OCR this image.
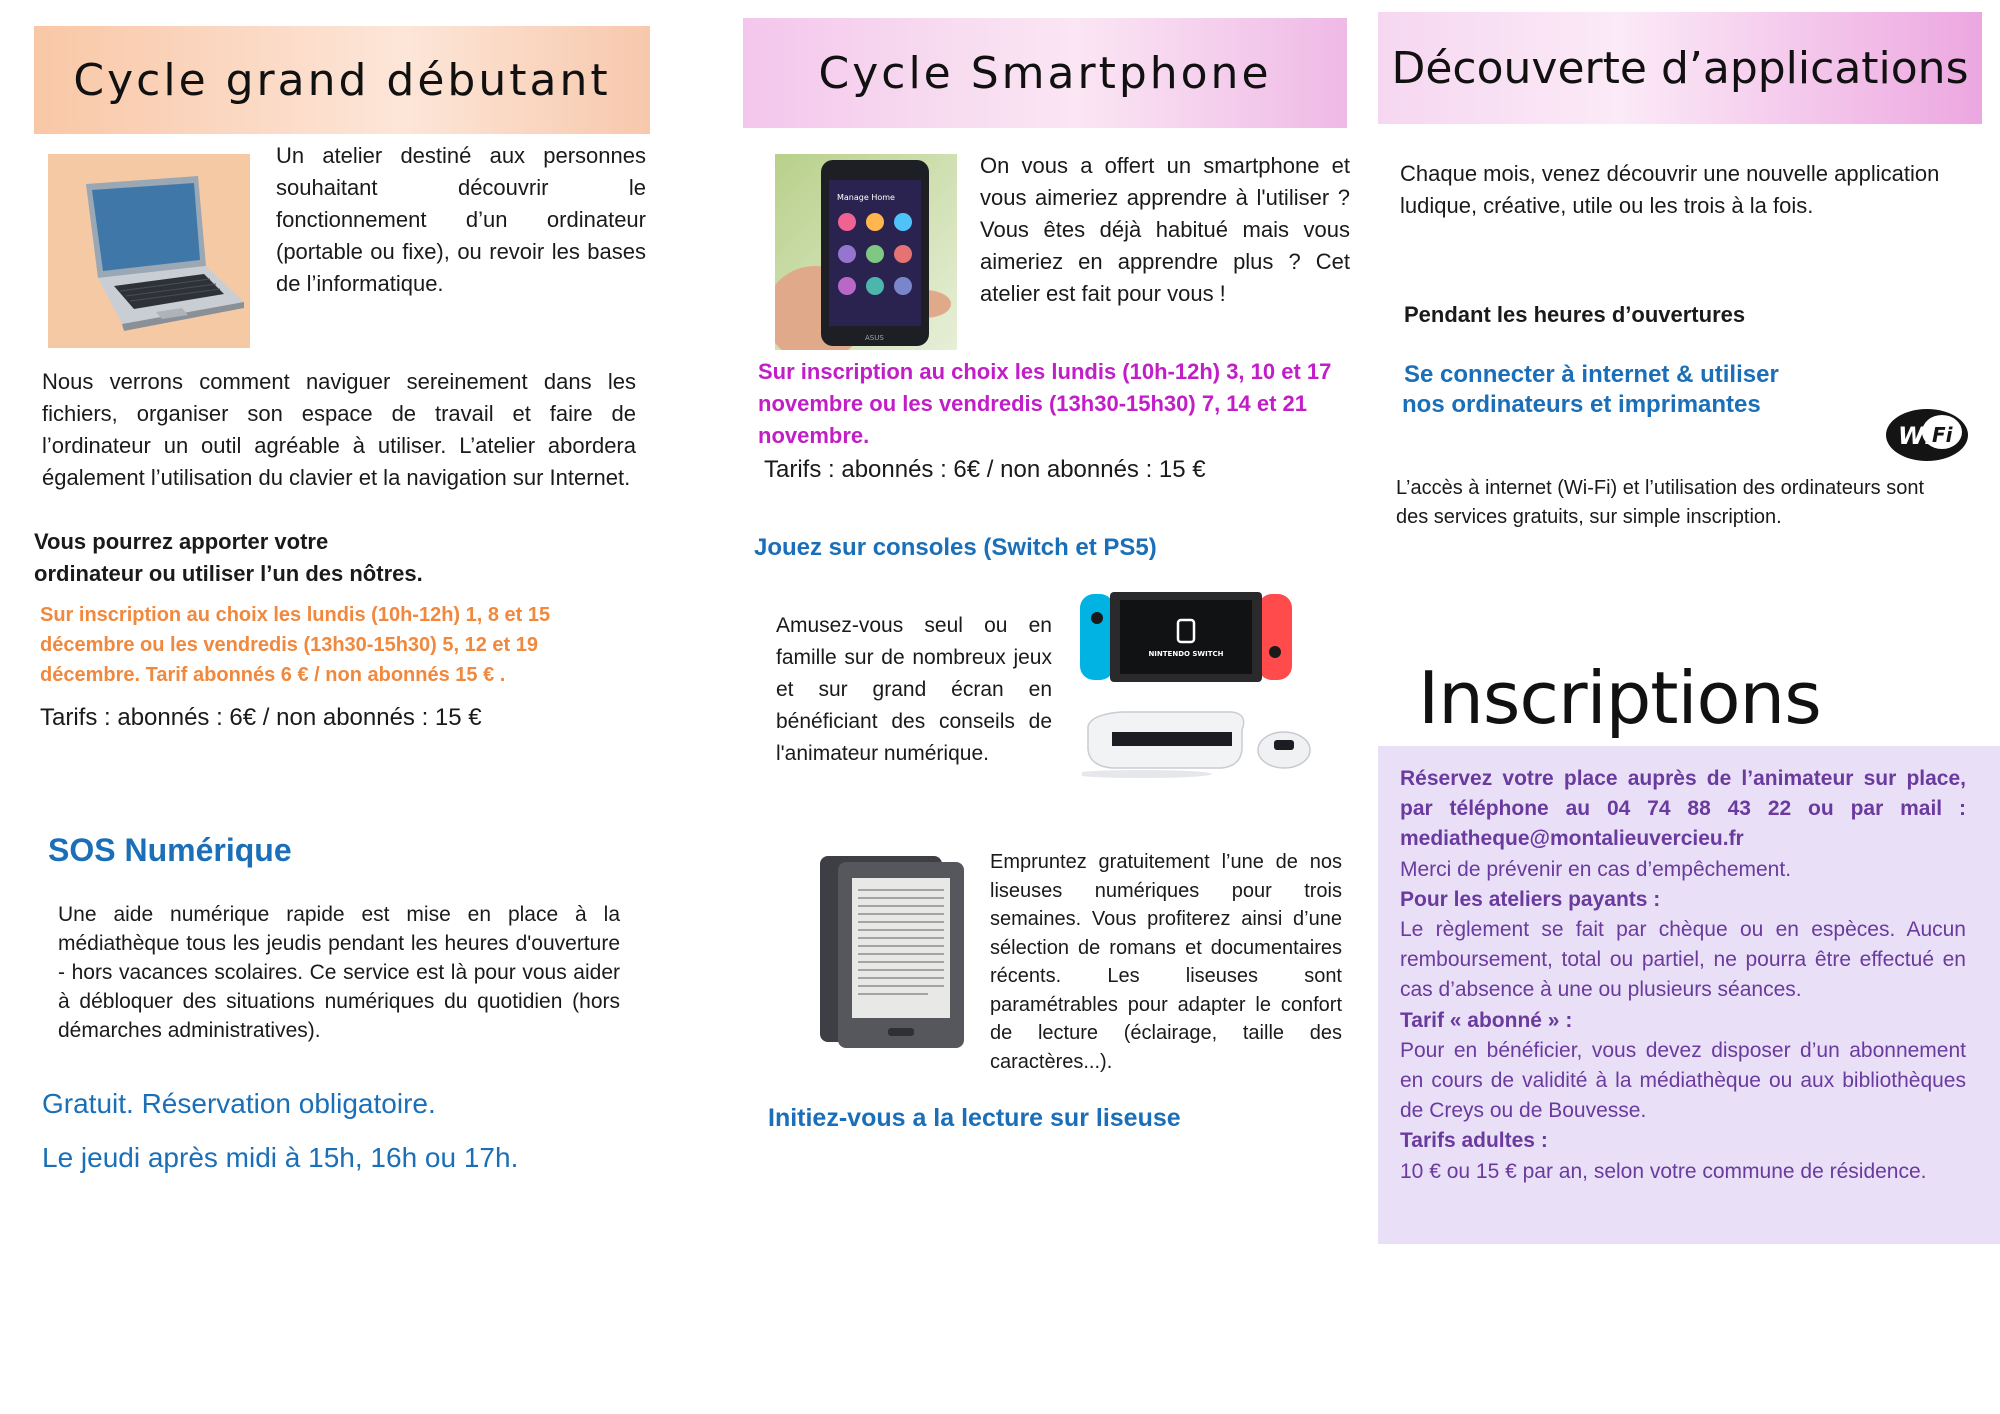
Cycle grand débutant

Un atelier destiné aux personnes souhaitant découvrir le fonctionnement d’un ordinateur (portable ou fixe), ou revoir les bases de l’informatique.

Nous verrons comment naviguer sereinement dans les fichiers, organiser son espace de travail et faire de l’ordinateur un outil agréable à utiliser. L’atelier abordera également l’utilisation du clavier et la navigation sur Internet.

Vous pourrez apporter votre
ordinateur ou utiliser l’un des nôtres.

Sur inscription au choix les lundis (10h-12h) 1, 8 et 15 décembre ou les vendredis (13h30-15h30) 5, 12 et 19 décembre. Tarif abonnés 6 € / non abonnés 15 € .

Tarifs : abonnés : 6€ / non abonnés : 15 €

SOS Numérique

Une aide numérique rapide est mise en place à la médiathèque tous les jeudis pendant les heures d'ouverture - hors vacances scolaires. Ce service est là pour vous aider à débloquer des situations numériques du quotidien (hors démarches administratives).

Gratuit. Réservation obligatoire.

Le jeudi après midi à 15h, 16h ou 17h.

Cycle Smartphone
Manage Home
ASUS

On vous a offert un smartphone et vous aimeriez apprendre à l'utiliser ? Vous êtes déjà habitué mais vous aimeriez en apprendre plus ? Cet atelier est fait pour vous !

Sur inscription au choix les lundis (10h-12h) 3, 10 et 17 novembre ou les vendredis (13h30-15h30) 7, 14 et 21 novembre.

Tarifs : abonnés : 6€ / non abonnés : 15 €

Jouez sur consoles (Switch et PS5)

Amusez-vous seul ou en famille sur de nombreux jeux et sur grand écran en bénéficiant des conseils de l'animateur numérique.

NINTENDO SWITCH

Empruntez gratuitement l’une de nos liseuses numériques pour trois semaines. Vous profiterez ainsi d’une sélection de romans et documentaires récents. Les liseuses sont paramétrables pour adapter le confort de lecture (éclairage, taille des caractères...).

Initiez-vous a la lecture sur liseuse
Découverte d’applications

Chaque mois, venez découvrir une nouvelle application ludique, créative, utile ou les trois à la fois.

Pendant les heures d’ouvertures

Se connecter à internet & utiliser
nos ordinateurs et imprimantes

Wi Fi

L’accès à internet (Wi-Fi) et l’utilisation des ordinateurs sont des services gratuits, sur simple inscription.

Inscriptions

Réservez votre place auprès de l’animateur sur place, par téléphone au 04 74 88 43 22 ou par mail : mediatheque@montalieuvercieu.fr

Merci de prévenir en cas d’empêchement.

Pour les ateliers payants :

Le règlement se fait par chèque ou en espèces. Aucun remboursement, total ou partiel, ne pourra être effectué en cas d’absence à une ou plusieurs séances.

Tarif « abonné » :

Pour en bénéficier, vous devez disposer d’un abonnement en cours de validité à la médiathèque ou aux bibliothèques de Creys ou de Bouvesse.

Tarifs adultes :

10 € ou 15 € par an, selon votre commune de résidence.
